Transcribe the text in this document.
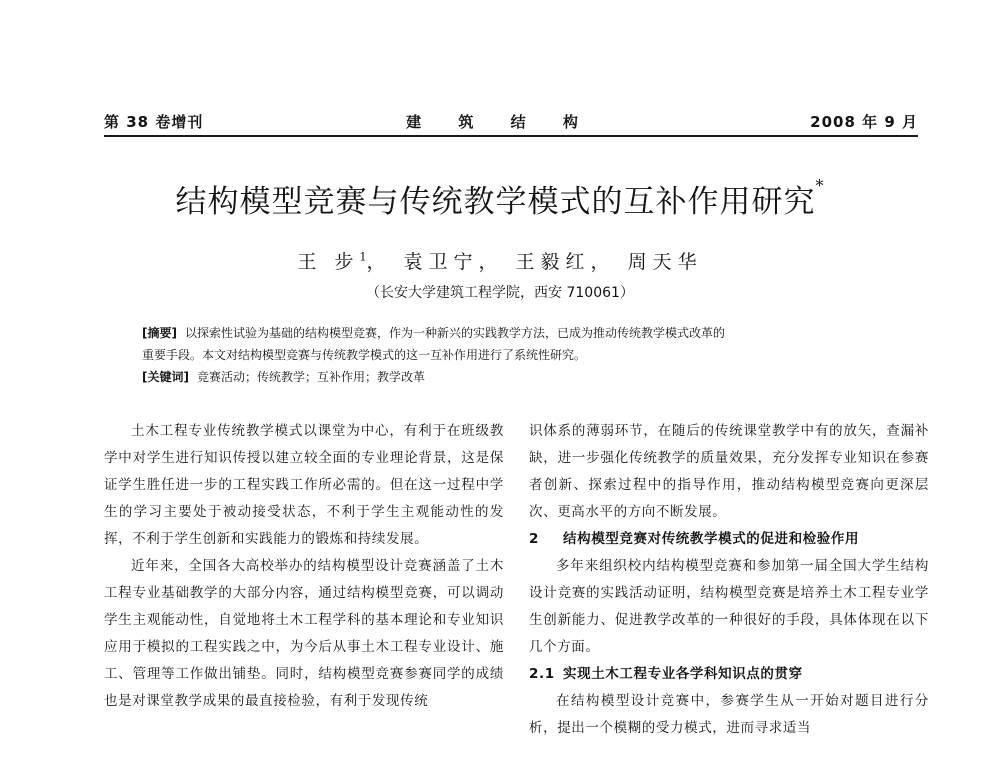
第 38 卷增刊	建 筑 结 构	2008 年 9 月
结构模型竞赛与传统教学模式的互补作用研究*
王 步$^1$， 袁卫宁， 王毅红， 周天华
（长安大学建筑工程学院，西安 710061）

[摘要] 以探索性试验为基础的结构模型竞赛，作为一种新兴的实践教学方法，已成为推动传统教学模式改革的

重要手段。本文对结构模型竞赛与传统教学模式的这一互补作用进行了系统性研究。

[关键词] 竞赛活动；传统教学；互补作用；教学改革

土木工程专业传统教学模式以课堂为中心，有利于在班级教学中对学生进行知识传授以建立较全面的专业理论背景，这是保证学生胜任进一步的工程实践工作所必需的。但在这一过程中学生的学习主要处于被动接受状态，不利于学生主观能动性的发挥，不利于学生创新和实践能力的锻炼和持续发展。

近年来，全国各大高校举办的结构模型设计竞赛涵盖了土木工程专业基础教学的大部分内容，通过结构模型竞赛，可以调动学生主观能动性，自觉地将土木工程学科的基本理论和专业知识应用于模拟的工程实践之中，为今后从事土木工程专业设计、施工、管理等工作做出铺垫。同时，结构模型竞赛参赛同学的成绩也是对课堂教学成果的最直接检验，有利于发现传统

识体系的薄弱环节，在随后的传统课堂教学中有的放矢，查漏补缺，进一步强化传统教学的质量效果，充分发挥专业知识在参赛者创新、探索过程中的指导作用，推动结构模型竞赛向更深层次、更高水平的方向不断发展。

2 结构模型竞赛对传统教学模式的促进和检验作用

多年来组织校内结构模型竞赛和参加第一届全国大学生结构设计竞赛的实践活动证明，结构模型竞赛是培养土木工程专业学生创新能力、促进教学改革的一种很好的手段，具体体现在以下几个方面。

2.1 实现土木工程专业各学科知识点的贯穿

在结构模型设计竞赛中，参赛学生从一开始对题目进行分析，提出一个模糊的受力模式，进而寻求适当
